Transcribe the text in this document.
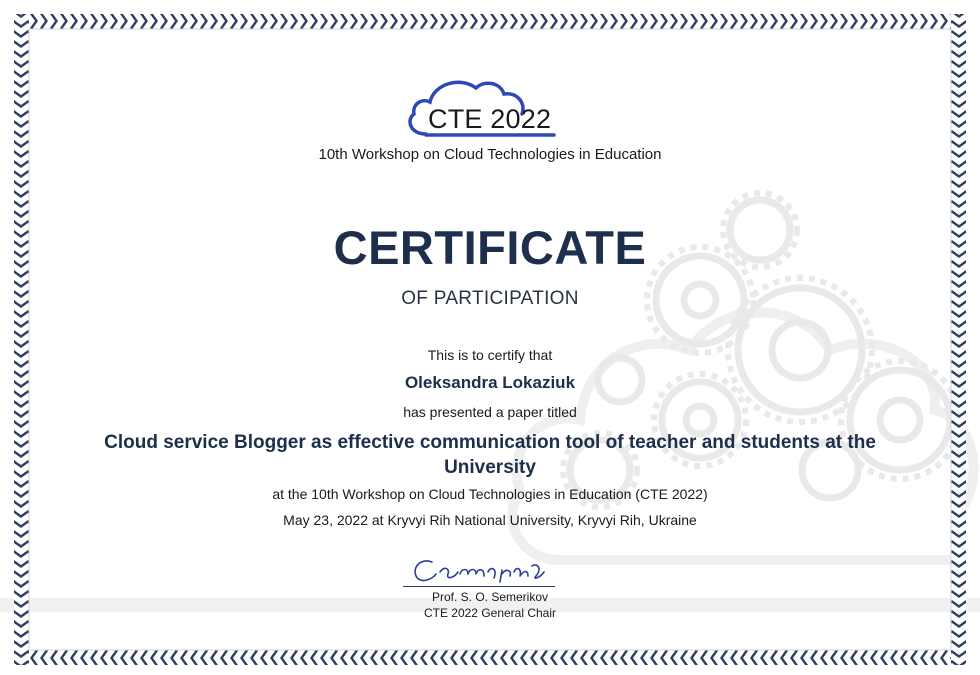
CTE 2022
10th Workshop on Cloud Technologies in Education
CERTIFICATE
OF PARTICIPATION
This is to certify that
Oleksandra Lokaziuk
has presented a paper titled
Cloud service Blogger as effective communication tool of teacher and students at the University
at the 10th Workshop on Cloud Technologies in Education (CTE 2022)
May 23, 2022 at Kryvyi Rih National University, Kryvyi Rih, Ukraine
Prof. S. O. Semerikov
CTE 2022 General Chair
